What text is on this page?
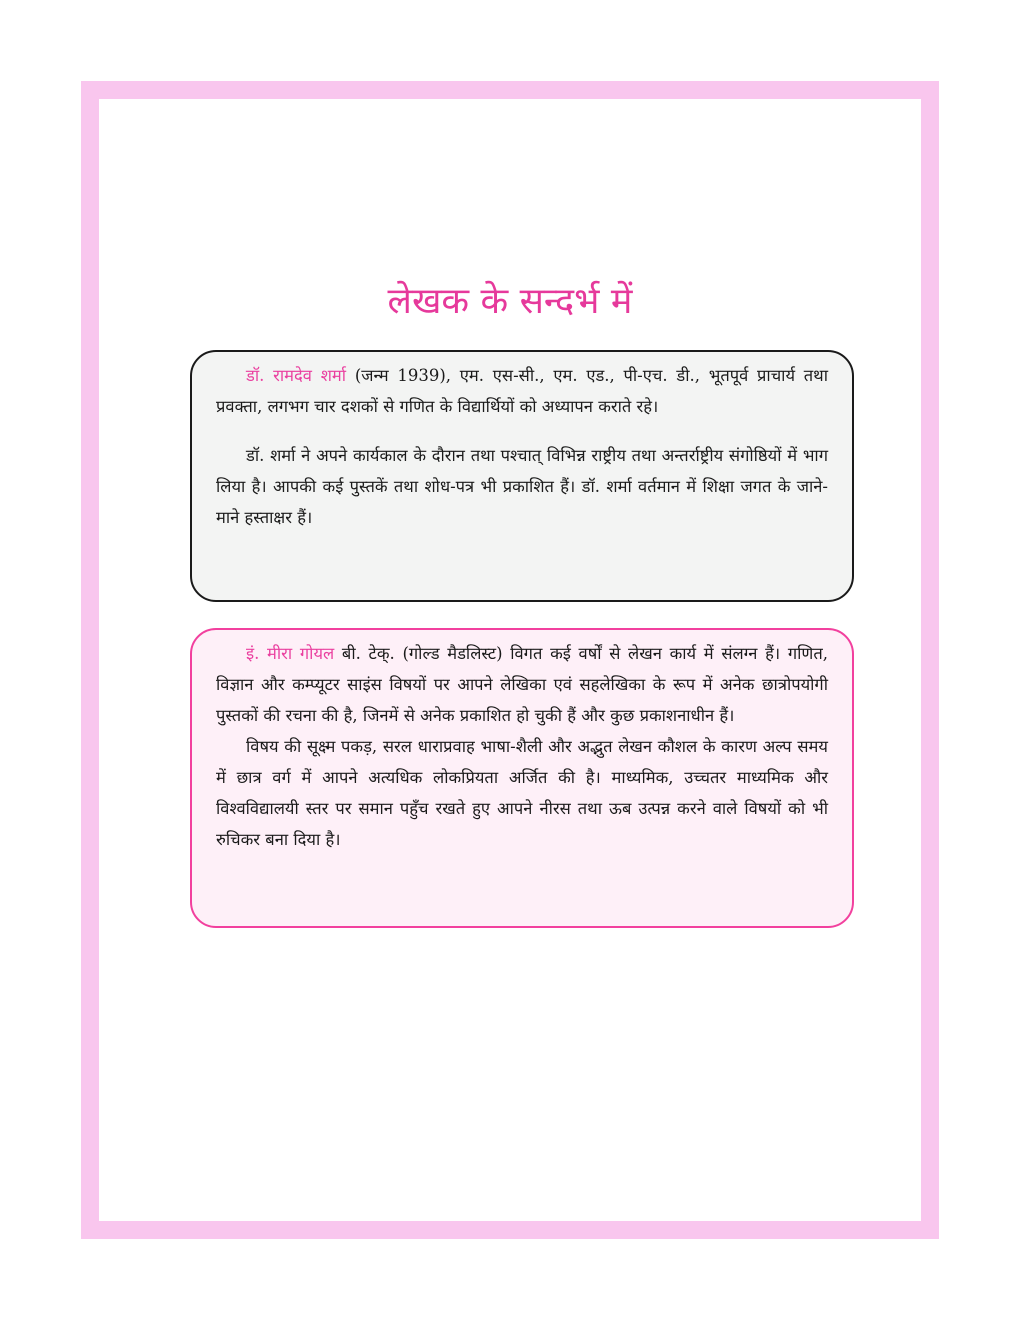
लेखक के सन्दर्भ में

डॉ. रामदेव शर्मा (जन्म 1939), एम. एस-सी., एम. एड., पी-एच. डी., भूतपूर्व प्राचार्य तथा प्रवक्ता, लगभग चार दशकों से गणित के विद्यार्थियों को अध्यापन कराते रहे।

डॉ. शर्मा ने अपने कार्यकाल के दौरान तथा पश्चात् विभिन्न राष्ट्रीय तथा अन्तर्राष्ट्रीय संगोष्ठियों में भाग लिया है। आपकी कई पुस्तकें तथा शोध-पत्र भी प्रकाशित हैं। डॉ. शर्मा वर्तमान में शिक्षा जगत के जाने-माने हस्ताक्षर हैं।

इं. मीरा गोयल बी. टेक्. (गोल्ड मैडलिस्ट) विगत कई वर्षों से लेखन कार्य में संलग्न हैं। गणित, विज्ञान और कम्प्यूटर साइंस विषयों पर आपने लेखिका एवं सहलेखिका के रूप में अनेक छात्रोपयोगी पुस्तकों की रचना की है, जिनमें से अनेक प्रकाशित हो चुकी हैं और कुछ प्रकाशनाधीन हैं।

विषय की सूक्ष्म पकड़, सरल धाराप्रवाह भाषा-शैली और अद्भुत लेखन कौशल के कारण अल्प समय में छात्र वर्ग में आपने अत्यधिक लोकप्रियता अर्जित की है। माध्यमिक, उच्चतर माध्यमिक और विश्वविद्यालयी स्तर पर समान पहुँच रखते हुए आपने नीरस तथा ऊब उत्पन्न करने वाले विषयों को भी रुचिकर बना दिया है।
